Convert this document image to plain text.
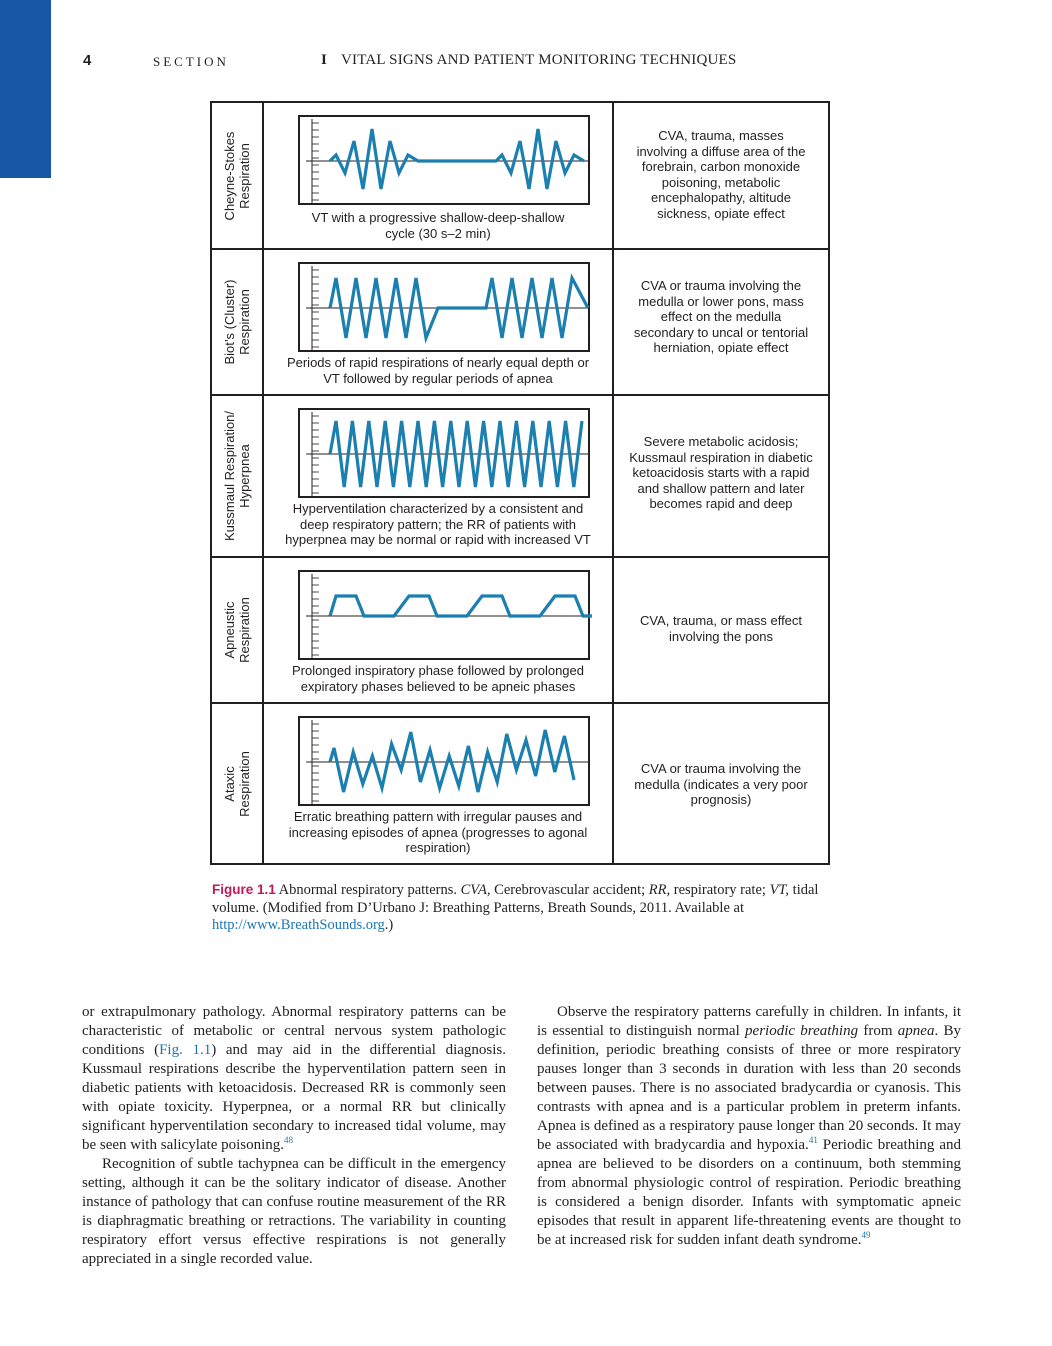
4	SECTION	I VITAL SIGNS AND PATIENT MONITORING TECHNIQUES
Cheyne-Stokes Respiration
VT with a progressive shallow-deep-shallow
cycle (30 s–2 min)
CVA, trauma, masses
involving a diffuse area of the
forebrain, carbon monoxide
poisoning, metabolic
encephalopathy, altitude
sickness, opiate effect
Biot’s (Cluster) Respiration
Periods of rapid respirations of nearly equal depth or
VT followed by regular periods of apnea
CVA or trauma involving the
medulla or lower pons, mass
effect on the medulla
secondary to uncal or tentorial
herniation, opiate effect
Kussmaul Respiration/ Hyperpnea
Hyperventilation characterized by a consistent and
deep respiratory pattern; the RR of patients with
hyperpnea may be normal or rapid with increased VT
Severe metabolic acidosis;
Kussmaul respiration in diabetic
ketoacidosis starts with a rapid
and shallow pattern and later
becomes rapid and deep
Apneustic Respiration
Prolonged inspiratory phase followed by prolonged
expiratory phases believed to be apneic phases
CVA, trauma, or mass effect
involving the pons
Ataxic Respiration
Erratic breathing pattern with irregular pauses and
increasing episodes of apnea (progresses to agonal
respiration)
CVA or trauma involving the
medulla (indicates a very poor
prognosis)
Figure 1.1 Abnormal respiratory patterns. CVA, Cerebrovascular accident; RR, respiratory rate; VT, tidal volume. (Modified from D’Urbano J: Breathing Patterns, Breath Sounds, 2011. Available at http://www.BreathSounds.org.)

or extrapulmonary pathology. Abnormal respiratory patterns can be characteristic of metabolic or central nervous system pathologic conditions (Fig. 1.1) and may aid in the differential diagnosis. Kussmaul respirations describe the hyperventilation pattern seen in diabetic patients with ketoacidosis. Decreased RR is commonly seen with opiate toxicity. Hyperpnea, or a normal RR but clinically significant hyperventilation secondary to increased tidal volume, may be seen with salicylate poisoning.$^{48}$

Recognition of subtle tachypnea can be difficult in the emergency setting, although it can be the solitary indicator of disease. Another instance of pathology that can confuse routine measurement of the RR is diaphragmatic breathing or retractions. The variability in counting respiratory effort versus effective respirations is not generally appreciated in a single recorded value.

Observe the respiratory patterns carefully in children. In infants, it is essential to distinguish normal periodic breathing from apnea. By definition, periodic breathing consists of three or more respiratory pauses longer than 3 seconds in duration with less than 20 seconds between pauses. There is no associated bradycardia or cyanosis. This contrasts with apnea and is a particular problem in preterm infants. Apnea is defined as a respiratory pause longer than 20 seconds. It may be associated with bradycardia and hypoxia.$^{41}$ Periodic breathing and apnea are believed to be disorders on a continuum, both stemming from abnormal physiologic control of respiration. Periodic breathing is considered a benign disorder. Infants with symptomatic apneic episodes that result in apparent life-threatening events are thought to be at increased risk for sudden infant death syndrome.$^{49}$
